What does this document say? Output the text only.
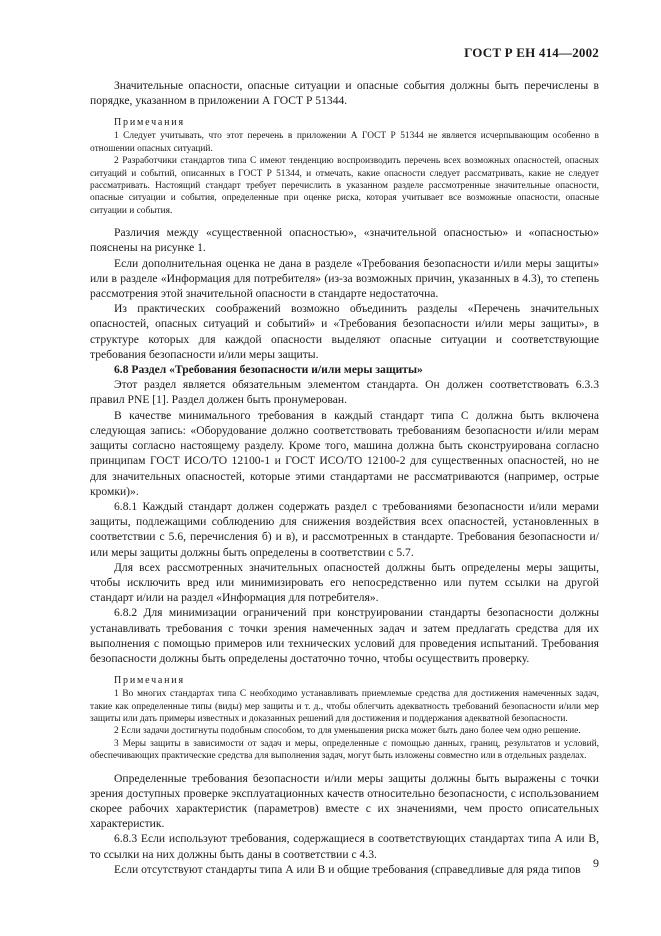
ГОСТ Р ЕН 414—2002

Значительные опасности, опасные ситуации и опасные события должны быть перечислены в порядке, указанном в приложении А ГОСТ Р 51344.

Примечания

1 Следует учитывать, что этот перечень в приложении А ГОСТ Р 51344 не является исчерпывающим особенно в отношении опасных ситуаций.

2 Разработчики стандартов типа С имеют тенденцию воспроизводить перечень всех возможных опасностей, опасных ситуаций и событий, описанных в ГОСТ Р 51344, и отмечать, какие опасности следует рассматривать, какие не следует рассматривать. Настоящий стандарт требует перечислить в указанном разделе рассмотренные значительные опасности, опасные ситуации и события, определенные при оценке риска, которая учитывает все возможные опасности, опасные ситуации и события.

Различия между «существенной опасностью», «значительной опасностью» и «опасностью» пояснены на рисунке 1.

Если дополнительная оценка не дана в разделе «Требования безопасности и/или меры защиты» или в разделе «Информация для потребителя» (из-за возможных причин, указанных в 4.3), то степень рассмотрения этой значительной опасности в стандарте недостаточна.

Из практических соображений возможно объединить разделы «Перечень значительных опасностей, опасных ситуаций и событий» и «Требования безопасности и/или меры защиты», в структуре которых для каждой опасности выделяют опасные ситуации и соответствующие требования безопасности и/или меры защиты.

6.8 Раздел «Требования безопасности и/или меры защиты»

Этот раздел является обязательным элементом стандарта. Он должен соответствовать 6.3.3 правил PNE [1]. Раздел должен быть пронумерован.

В качестве минимального требования в каждый стандарт типа С должна быть включена следующая запись: «Оборудование должно соответствовать требованиям безопасности и/или мерам защиты согласно настоящему разделу. Кроме того, машина должна быть сконструирована согласно принципам ГОСТ ИСО/ТО 12100-1 и ГОСТ ИСО/ТО 12100-2 для существенных опасностей, но не для значительных опасностей, которые этими стандартами не рассматриваются (например, острые кромки)».

6.8.1 Каждый стандарт должен содержать раздел с требованиями безопасности и/или мерами защиты, подлежащими соблюдению для снижения воздействия всех опасностей, установленных в соответствии с 5.6, перечисления б) и в), и рассмотренных в стандарте. Требования безопасности и/или меры защиты должны быть определены в соответствии с 5.7.

Для всех рассмотренных значительных опасностей должны быть определены меры защиты, чтобы исключить вред или минимизировать его непосредственно или путем ссылки на другой стандарт и/или на раздел «Информация для потребителя».

6.8.2 Для минимизации ограничений при конструировании стандарты безопасности должны устанавливать требования с точки зрения намеченных задач и затем предлагать средства для их выполнения с помощью примеров или технических условий для проведения испытаний. Требования безопасности должны быть определены достаточно точно, чтобы осуществить проверку.

Примечания

1 Во многих стандартах типа С необходимо устанавливать приемлемые средства для достижения намеченных задач, такие как определенные типы (виды) мер защиты и т. д., чтобы облегчить адекватность требований безопасности и/или мер защиты или дать примеры известных и доказанных решений для достижения и поддержания адекватной безопасности.

2 Если задачи достигнуты подобным способом, то для уменьшения риска может быть дано более чем одно решение.

3 Меры защиты в зависимости от задач и меры, определенные с помощью данных, границ, результатов и условий, обеспечивающих практические средства для выполнения задач, могут быть изложены совместно или в отдельных разделах.

Определенные требования безопасности и/или меры защиты должны быть выражены с точки зрения доступных проверке эксплуатационных качеств относительно безопасности, с использованием скорее рабочих характеристик (параметров) вместе с их значениями, чем просто описательных характеристик.

6.8.3 Если используют требования, содержащиеся в соответствующих стандартах типа А или В, то ссылки на них должны быть даны в соответствии с 4.3.

Если отсутствуют стандарты типа А или В и общие требования (справедливые для ряда типов	9
